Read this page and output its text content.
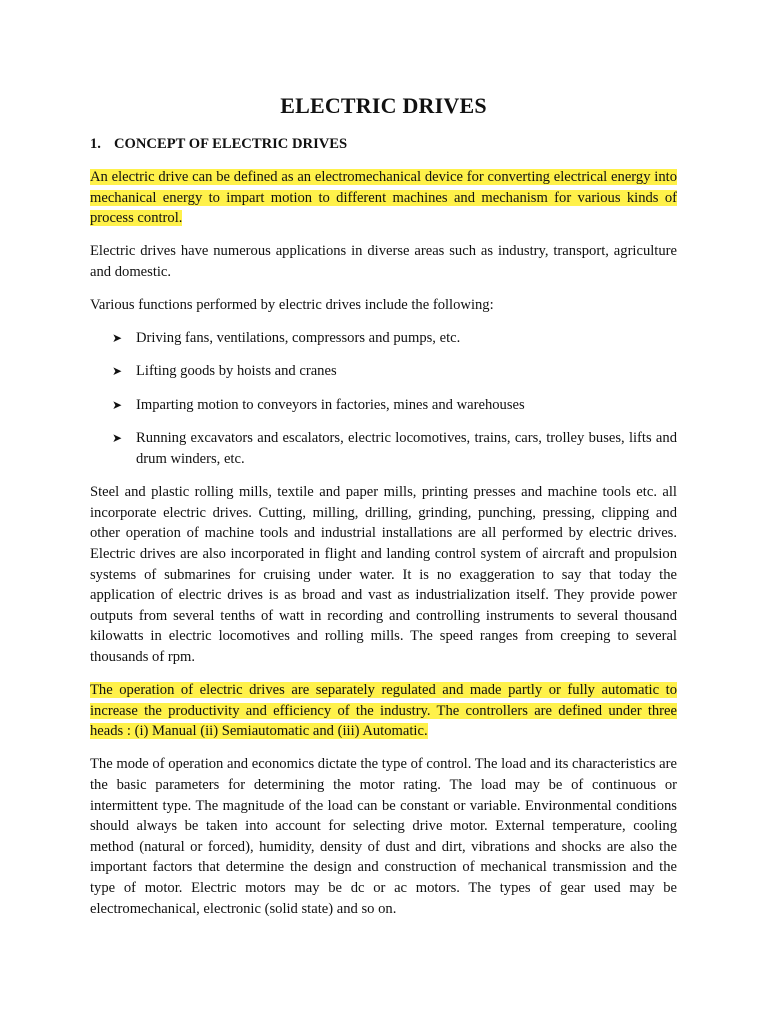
ELECTRIC DRIVES
1. CONCEPT OF ELECTRIC DRIVES

An electric drive can be defined as an electromechanical device for converting electrical energy into mechanical energy to impart motion to different machines and mechanism for various kinds of process control.

Electric drives have numerous applications in diverse areas such as industry, transport, agriculture and domestic.

Various functions performed by electric drives include the following:

➤ Driving fans, ventilations, compressors and pumps, etc.
➤ Lifting goods by hoists and cranes
➤ Imparting motion to conveyors in factories, mines and warehouses
➤ Running excavators and escalators, electric locomotives, trains, cars, trolley buses, lifts and drum winders, etc.

Steel and plastic rolling mills, textile and paper mills, printing presses and machine tools etc. all incorporate electric drives. Cutting, milling, drilling, grinding, punching, pressing, clipping and other operation of machine tools and industrial installations are all performed by electric drives. Electric drives are also incorporated in flight and landing control system of aircraft and propulsion systems of submarines for cruising under water. It is no exaggeration to say that today the application of electric drives is as broad and vast as industrialization itself. They provide power outputs from several tenths of watt in recording and controlling instruments to several thousand kilowatts in electric locomotives and rolling mills. The speed ranges from creeping to several thousands of rpm.

The operation of electric drives are separately regulated and made partly or fully automatic to increase the productivity and efficiency of the industry. The controllers are defined under three heads : (i) Manual (ii) Semiautomatic and (iii) Automatic.

The mode of operation and economics dictate the type of control. The load and its characteristics are the basic parameters for determining the motor rating. The load may be of continuous or intermittent type. The magnitude of the load can be constant or variable. Environmental conditions should always be taken into account for selecting drive motor. External temperature, cooling method (natural or forced), humidity, density of dust and dirt, vibrations and shocks are also the important factors that determine the design and construction of mechanical transmission and the type of motor. Electric motors may be dc or ac motors. The types of gear used may be electromechanical, electronic (solid state) and so on.
